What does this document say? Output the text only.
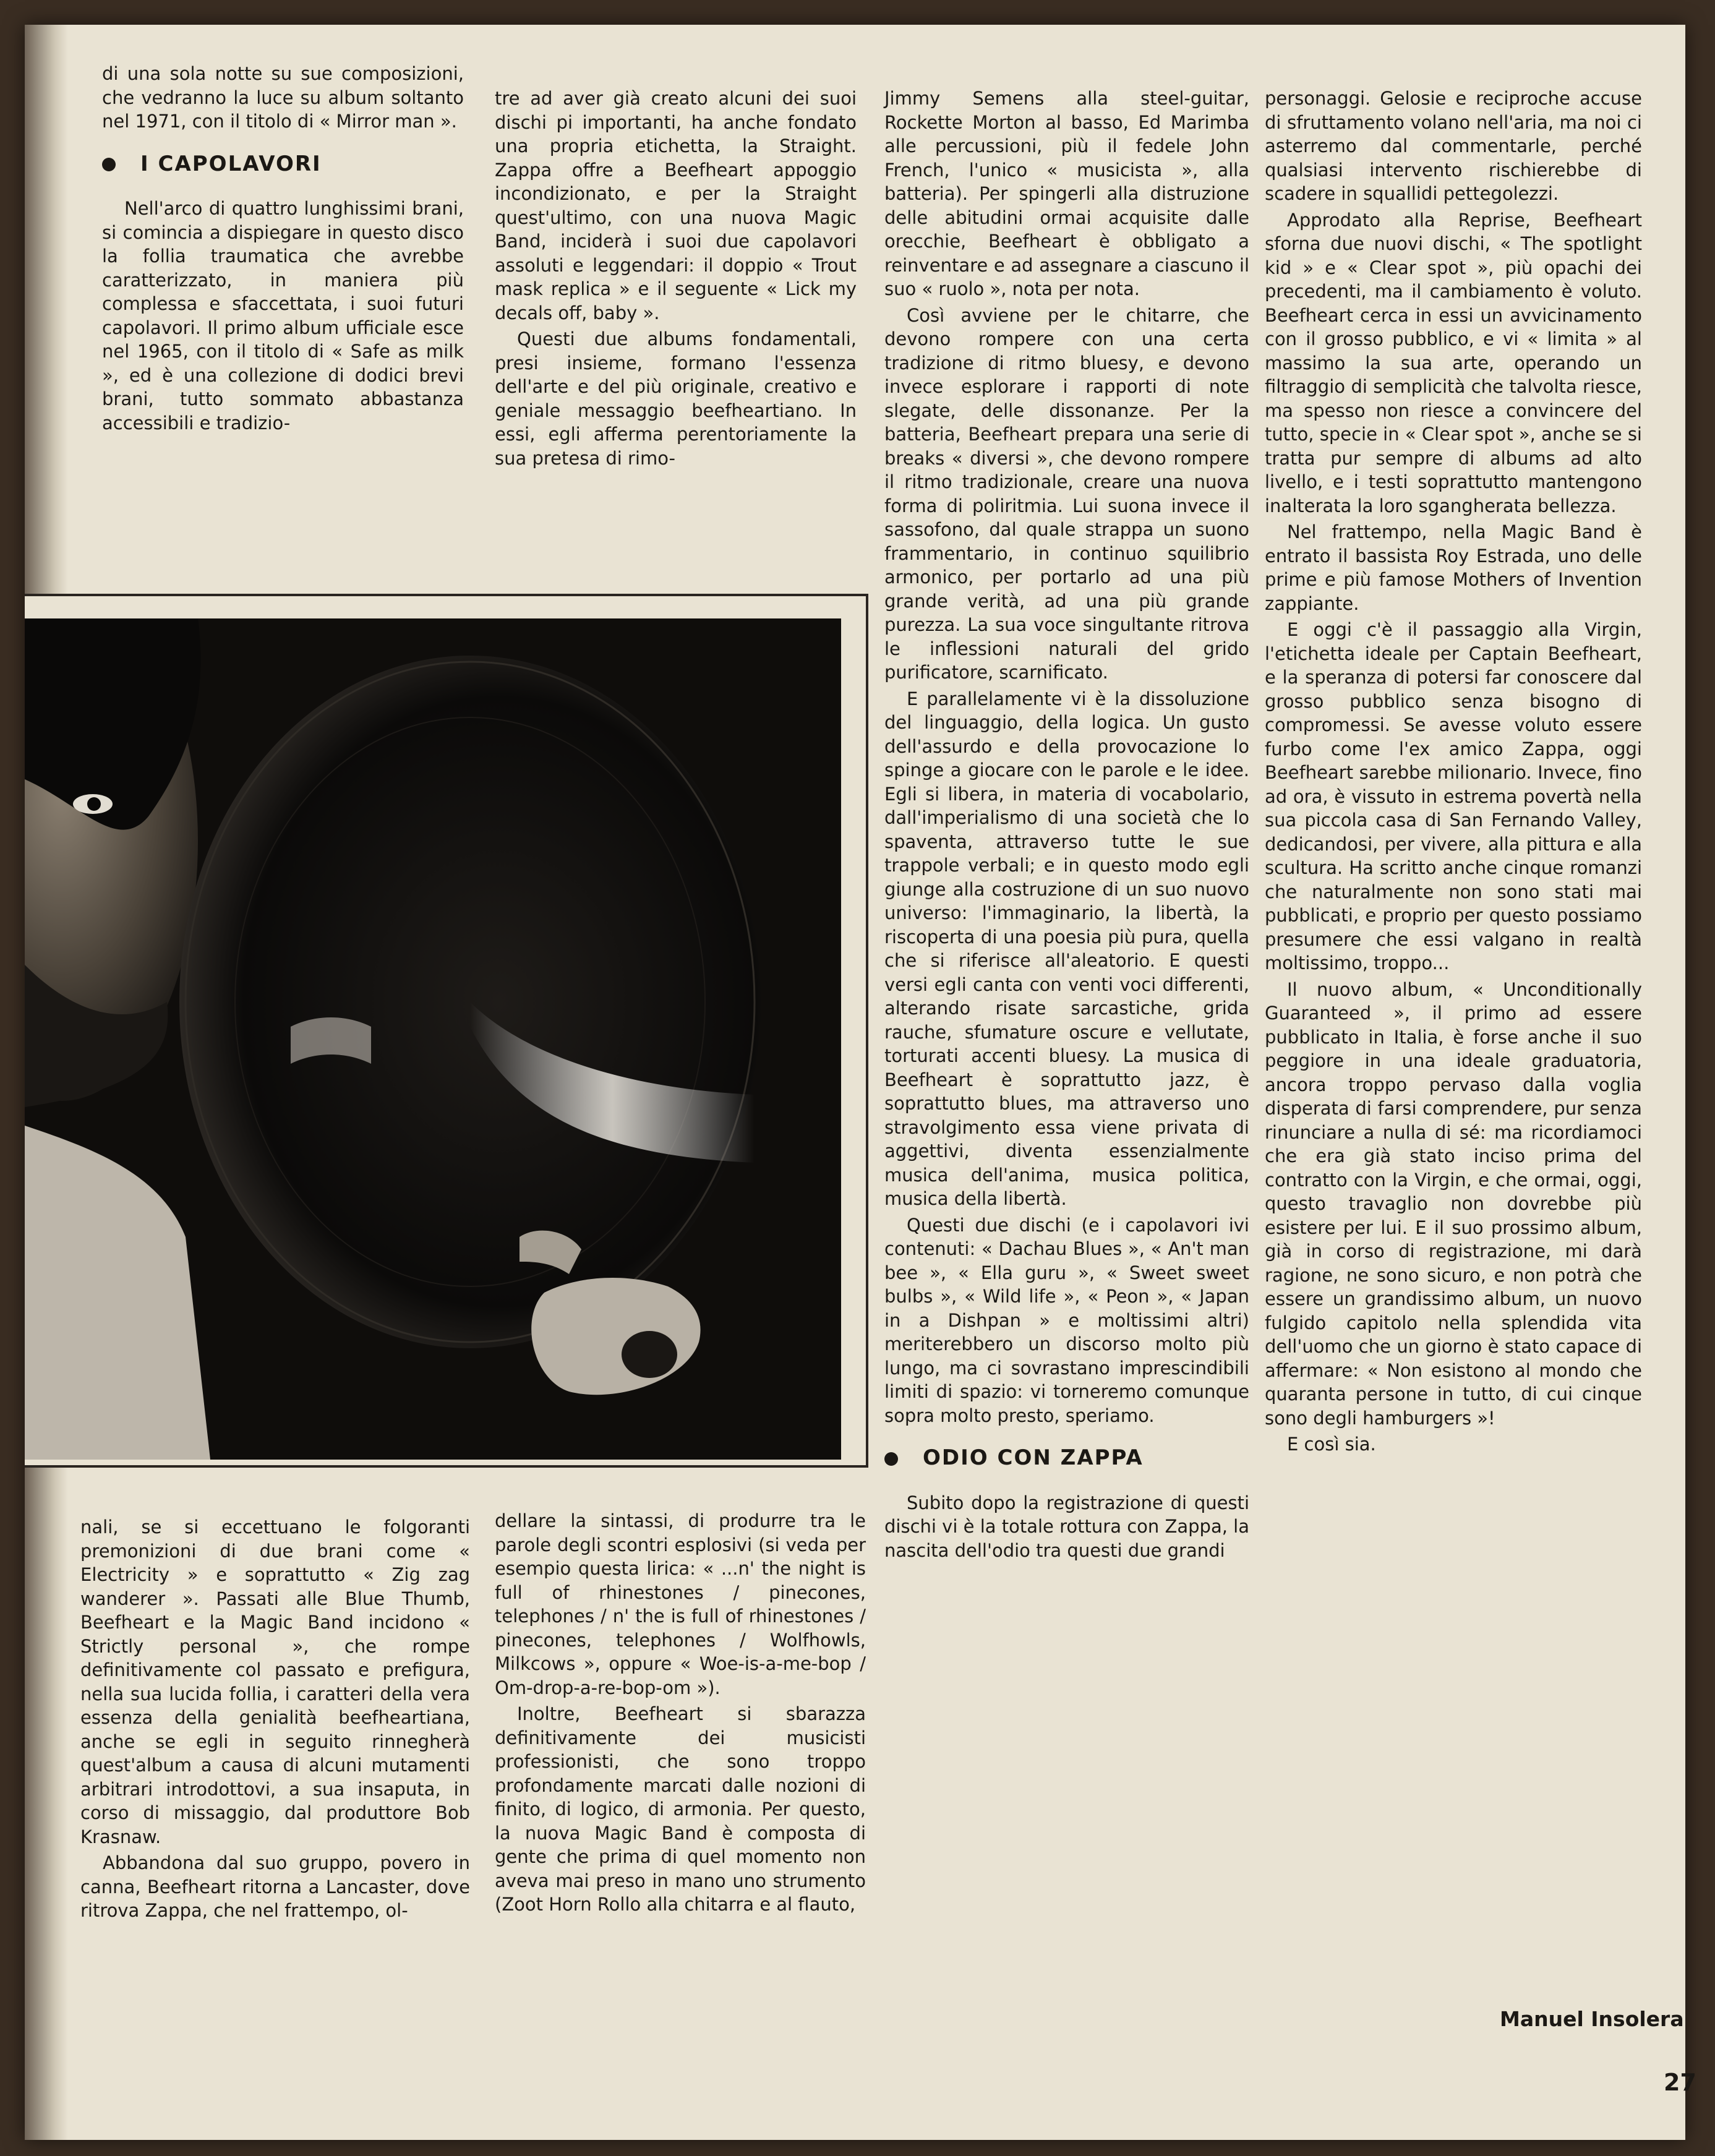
di una sola notte su sue composizioni, che vedranno la luce su album soltanto nel 1971, con il titolo di « Mirror man ».

I CAPOLAVORI

Nell'arco di quattro lunghissimi brani, si comincia a dispiegare in questo disco la follia traumatica che avrebbe caratterizzato, in maniera più complessa e sfaccettata, i suoi futuri capolavori. Il primo album ufficiale esce nel 1965, con il titolo di « Safe as milk », ed è una collezione di dodici brevi brani, tutto sommato abbastanza accessibili e tradizio-

tre ad aver già creato alcuni dei suoi dischi pi importanti, ha anche fondato una propria etichetta, la Straight. Zappa offre a Beefheart appoggio incondizionato, e per la Straight quest'ultimo, con una nuova Magic Band, inciderà i suoi due capolavori assoluti e leggendari: il doppio « Trout mask replica » e il seguente « Lick my decals off, baby ».

Questi due albums fondamentali, presi insieme, formano l'essenza dell'arte e del più originale, creativo e geniale messaggio beefheartiano. In essi, egli afferma perentoriamente la sua pretesa di rimo-

Jimmy Semens alla steel-guitar, Rockette Morton al basso, Ed Marimba alle percussioni, più il fedele John French, l'unico « musicista », alla batteria). Per spingerli alla distruzione delle abitudini ormai acquisite dalle orecchie, Beefheart è obbligato a reinventare e ad assegnare a ciascuno il suo « ruolo », nota per nota.

Così avviene per le chitarre, che devono rompere con una certa tradizione di ritmo bluesy, e devono invece esplorare i rapporti di note slegate, delle dissonanze. Per la batteria, Beefheart prepara una serie di breaks « diversi », che devono rompere il ritmo tradizionale, creare una nuova forma di poliritmia. Lui suona invece il sassofono, dal quale strappa un suono frammentario, in continuo squilibrio armonico, per portarlo ad una più grande verità, ad una più grande purezza. La sua voce singultante ritrova le inflessioni naturali del grido purificatore, scarnificato.

E parallelamente vi è la dissoluzione del linguaggio, della logica. Un gusto dell'assurdo e della provocazione lo spinge a giocare con le parole e le idee. Egli si libera, in materia di vocabolario, dall'imperialismo di una società che lo spaventa, attraverso tutte le sue trappole verbali; e in questo modo egli giunge alla costruzione di un suo nuovo universo: l'immaginario, la libertà, la riscoperta di una poesia più pura, quella che si riferisce all'aleatorio. E questi versi egli canta con venti voci differenti, alterando risate sarcastiche, grida rauche, sfumature oscure e vellutate, torturati accenti bluesy. La musica di Beefheart è soprattutto jazz, è soprattutto blues, ma attraverso uno stravolgimento essa viene privata di aggettivi, diventa essenzialmente musica dell'anima, musica politica, musica della libertà.

Questi due dischi (e i capolavori ivi contenuti: « Dachau Blues », « An't man bee », « Ella guru », « Sweet sweet bulbs », « Wild life », « Peon », « Japan in a Dishpan » e moltissimi altri) meriterebbero un discorso molto più lungo, ma ci sovrastano imprescindibili limiti di spazio: vi torneremo comunque sopra molto presto, speriamo.

ODIO CON ZAPPA

Subito dopo la registrazione di questi dischi vi è la totale rottura con Zappa, la nascita dell'odio tra questi due grandi

personaggi. Gelosie e reciproche accuse di sfruttamento volano nell'aria, ma noi ci asterremo dal commentarle, perché qualsiasi intervento rischierebbe di scadere in squallidi pettegolezzi.

Approdato alla Reprise, Beefheart sforna due nuovi dischi, « The spotlight kid » e « Clear spot », più opachi dei precedenti, ma il cambiamento è voluto. Beefheart cerca in essi un avvicinamento con il grosso pubblico, e vi « limita » al massimo la sua arte, operando un filtraggio di semplicità che talvolta riesce, ma spesso non riesce a convincere del tutto, specie in « Clear spot », anche se si tratta pur sempre di albums ad alto livello, e i testi soprattutto mantengono inalterata la loro sgangherata bellezza.

Nel frattempo, nella Magic Band è entrato il bassista Roy Estrada, uno delle prime e più famose Mothers of Invention zappiante.

E oggi c'è il passaggio alla Virgin, l'etichetta ideale per Captain Beefheart, e la speranza di potersi far conoscere dal grosso pubblico senza bisogno di compromessi. Se avesse voluto essere furbo come l'ex amico Zappa, oggi Beefheart sarebbe milionario. Invece, fino ad ora, è vissuto in estrema povertà nella sua piccola casa di San Fernando Valley, dedicandosi, per vivere, alla pittura e alla scultura. Ha scritto anche cinque romanzi che naturalmente non sono stati mai pubblicati, e proprio per questo possiamo presumere che essi valgano in realtà moltissimo, troppo...

Il nuovo album, « Unconditionally Guaranteed », il primo ad essere pubblicato in Italia, è forse anche il suo peggiore in una ideale graduatoria, ancora troppo pervaso dalla voglia disperata di farsi comprendere, pur senza rinunciare a nulla di sé: ma ricordiamoci che era già stato inciso prima del contratto con la Virgin, e che ormai, oggi, questo travaglio non dovrebbe più esistere per lui. E il suo prossimo album, già in corso di registrazione, mi darà ragione, ne sono sicuro, e non potrà che essere un grandissimo album, un nuovo fulgido capitolo nella splendida vita dell'uomo che un giorno è stato capace di affermare: « Non esistono al mondo che quaranta persone in tutto, di cui cinque sono degli hamburgers »!

E così sia.

nali, se si eccettuano le folgoranti premonizioni di due brani come « Electricity » e soprattutto « Zig zag wanderer ». Passati alle Blue Thumb, Beefheart e la Magic Band incidono « Strictly personal », che rompe definitivamente col passato e prefigura, nella sua lucida follia, i caratteri della vera essenza della genialità beefheartiana, anche se egli in seguito rinnegherà quest'album a causa di alcuni mutamenti arbitrari introdottovi, a sua insaputa, in corso di missaggio, dal produttore Bob Krasnaw.

Abbandona dal suo gruppo, povero in canna, Beefheart ritorna a Lancaster, dove ritrova Zappa, che nel frattempo, ol-

dellare la sintassi, di produrre tra le parole degli scontri esplosivi (si veda per esempio questa lirica: « ...n' the night is full of rhinestones / pinecones, telephones / n' the is full of rhinestones / pinecones, telephones / Wolfhowls, Milkcows », oppure « Woe-is-a-me-bop / Om-drop-a-re-bop-om »).

Inoltre, Beefheart si sbarazza definitivamente dei musicisti professionisti, che sono troppo profondamente marcati dalle nozioni di finito, di logico, di armonia. Per questo, la nuova Magic Band è composta di gente che prima di quel momento non aveva mai preso in mano uno strumento (Zoot Horn Rollo alla chitarra e al flauto,

Manuel Insolera
27
